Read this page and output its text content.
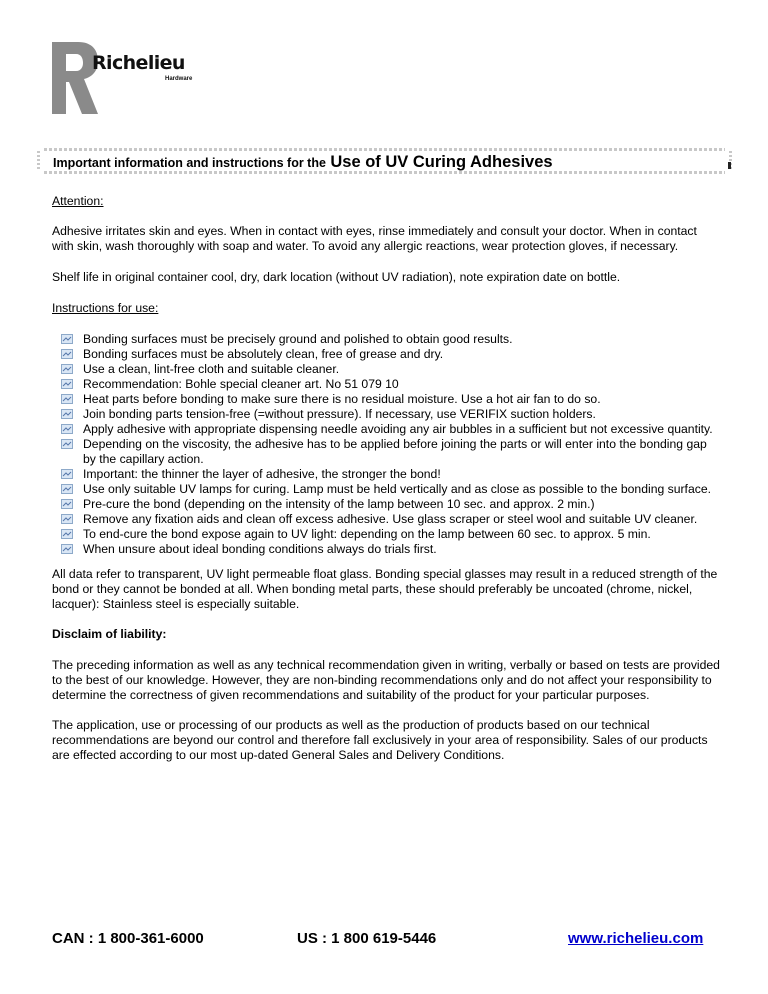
Richelieu
Hardware
Important information and instructions for the Use of UV Curing Adhesives

Attention:

Adhesive irritates skin and eyes. When in contact with eyes, rinse immediately and consult your doctor. When in contact with skin, wash thoroughly with soap and water. To avoid any allergic reactions, wear protection gloves, if necessary.

Shelf life in original container cool, dry, dark location (without UV radiation), note expiration date on bottle.

Instructions for use:

Bonding surfaces must be precisely ground and polished to obtain good results.
Bonding surfaces must be absolutely clean, free of grease and dry.
Use a clean, lint-free cloth and suitable cleaner.
Recommendation: Bohle special cleaner art. No 51 079 10
Heat parts before bonding to make sure there is no residual moisture. Use a hot air fan to do so.
Join bonding parts tension-free (=without pressure). If necessary, use VERIFIX suction holders.
Apply adhesive with appropriate dispensing needle avoiding any air bubbles in a sufficient but not excessive quantity.
Depending on the viscosity, the adhesive has to be applied before joining the parts or will enter into the bonding gap by the capillary action.
Important: the thinner the layer of adhesive, the stronger the bond!
Use only suitable UV lamps for curing. Lamp must be held vertically and as close as possible to the bonding surface.
Pre-cure the bond (depending on the intensity of the lamp between 10 sec. and approx. 2 min.)
Remove any fixation aids and clean off excess adhesive. Use glass scraper or steel wool and suitable UV cleaner.
To end-cure the bond expose again to UV light: depending on the lamp between 60 sec. to approx. 5 min.
When unsure about ideal bonding conditions always do trials first.

All data refer to transparent, UV light permeable float glass. Bonding special glasses may result in a reduced strength of the bond or they cannot be bonded at all. When bonding metal parts, these should preferably be uncoated (chrome, nickel, lacquer): Stainless steel is especially suitable.

Disclaim of liability:

The preceding information as well as any technical recommendation given in writing, verbally or based on tests are provided to the best of our knowledge. However, they are non-binding recommendations only and do not affect your responsibility to determine the correctness of given recommendations and suitability of the product for your particular purposes.

The application, use or processing of our products as well as the production of products based on our technical recommendations are beyond our control and therefore fall exclusively in your area of responsibility. Sales of our products are effected according to our most up-dated General Sales and Delivery Conditions.

CAN : 1 800-361-6000	US : 1 800 619-5446	www.richelieu.com
